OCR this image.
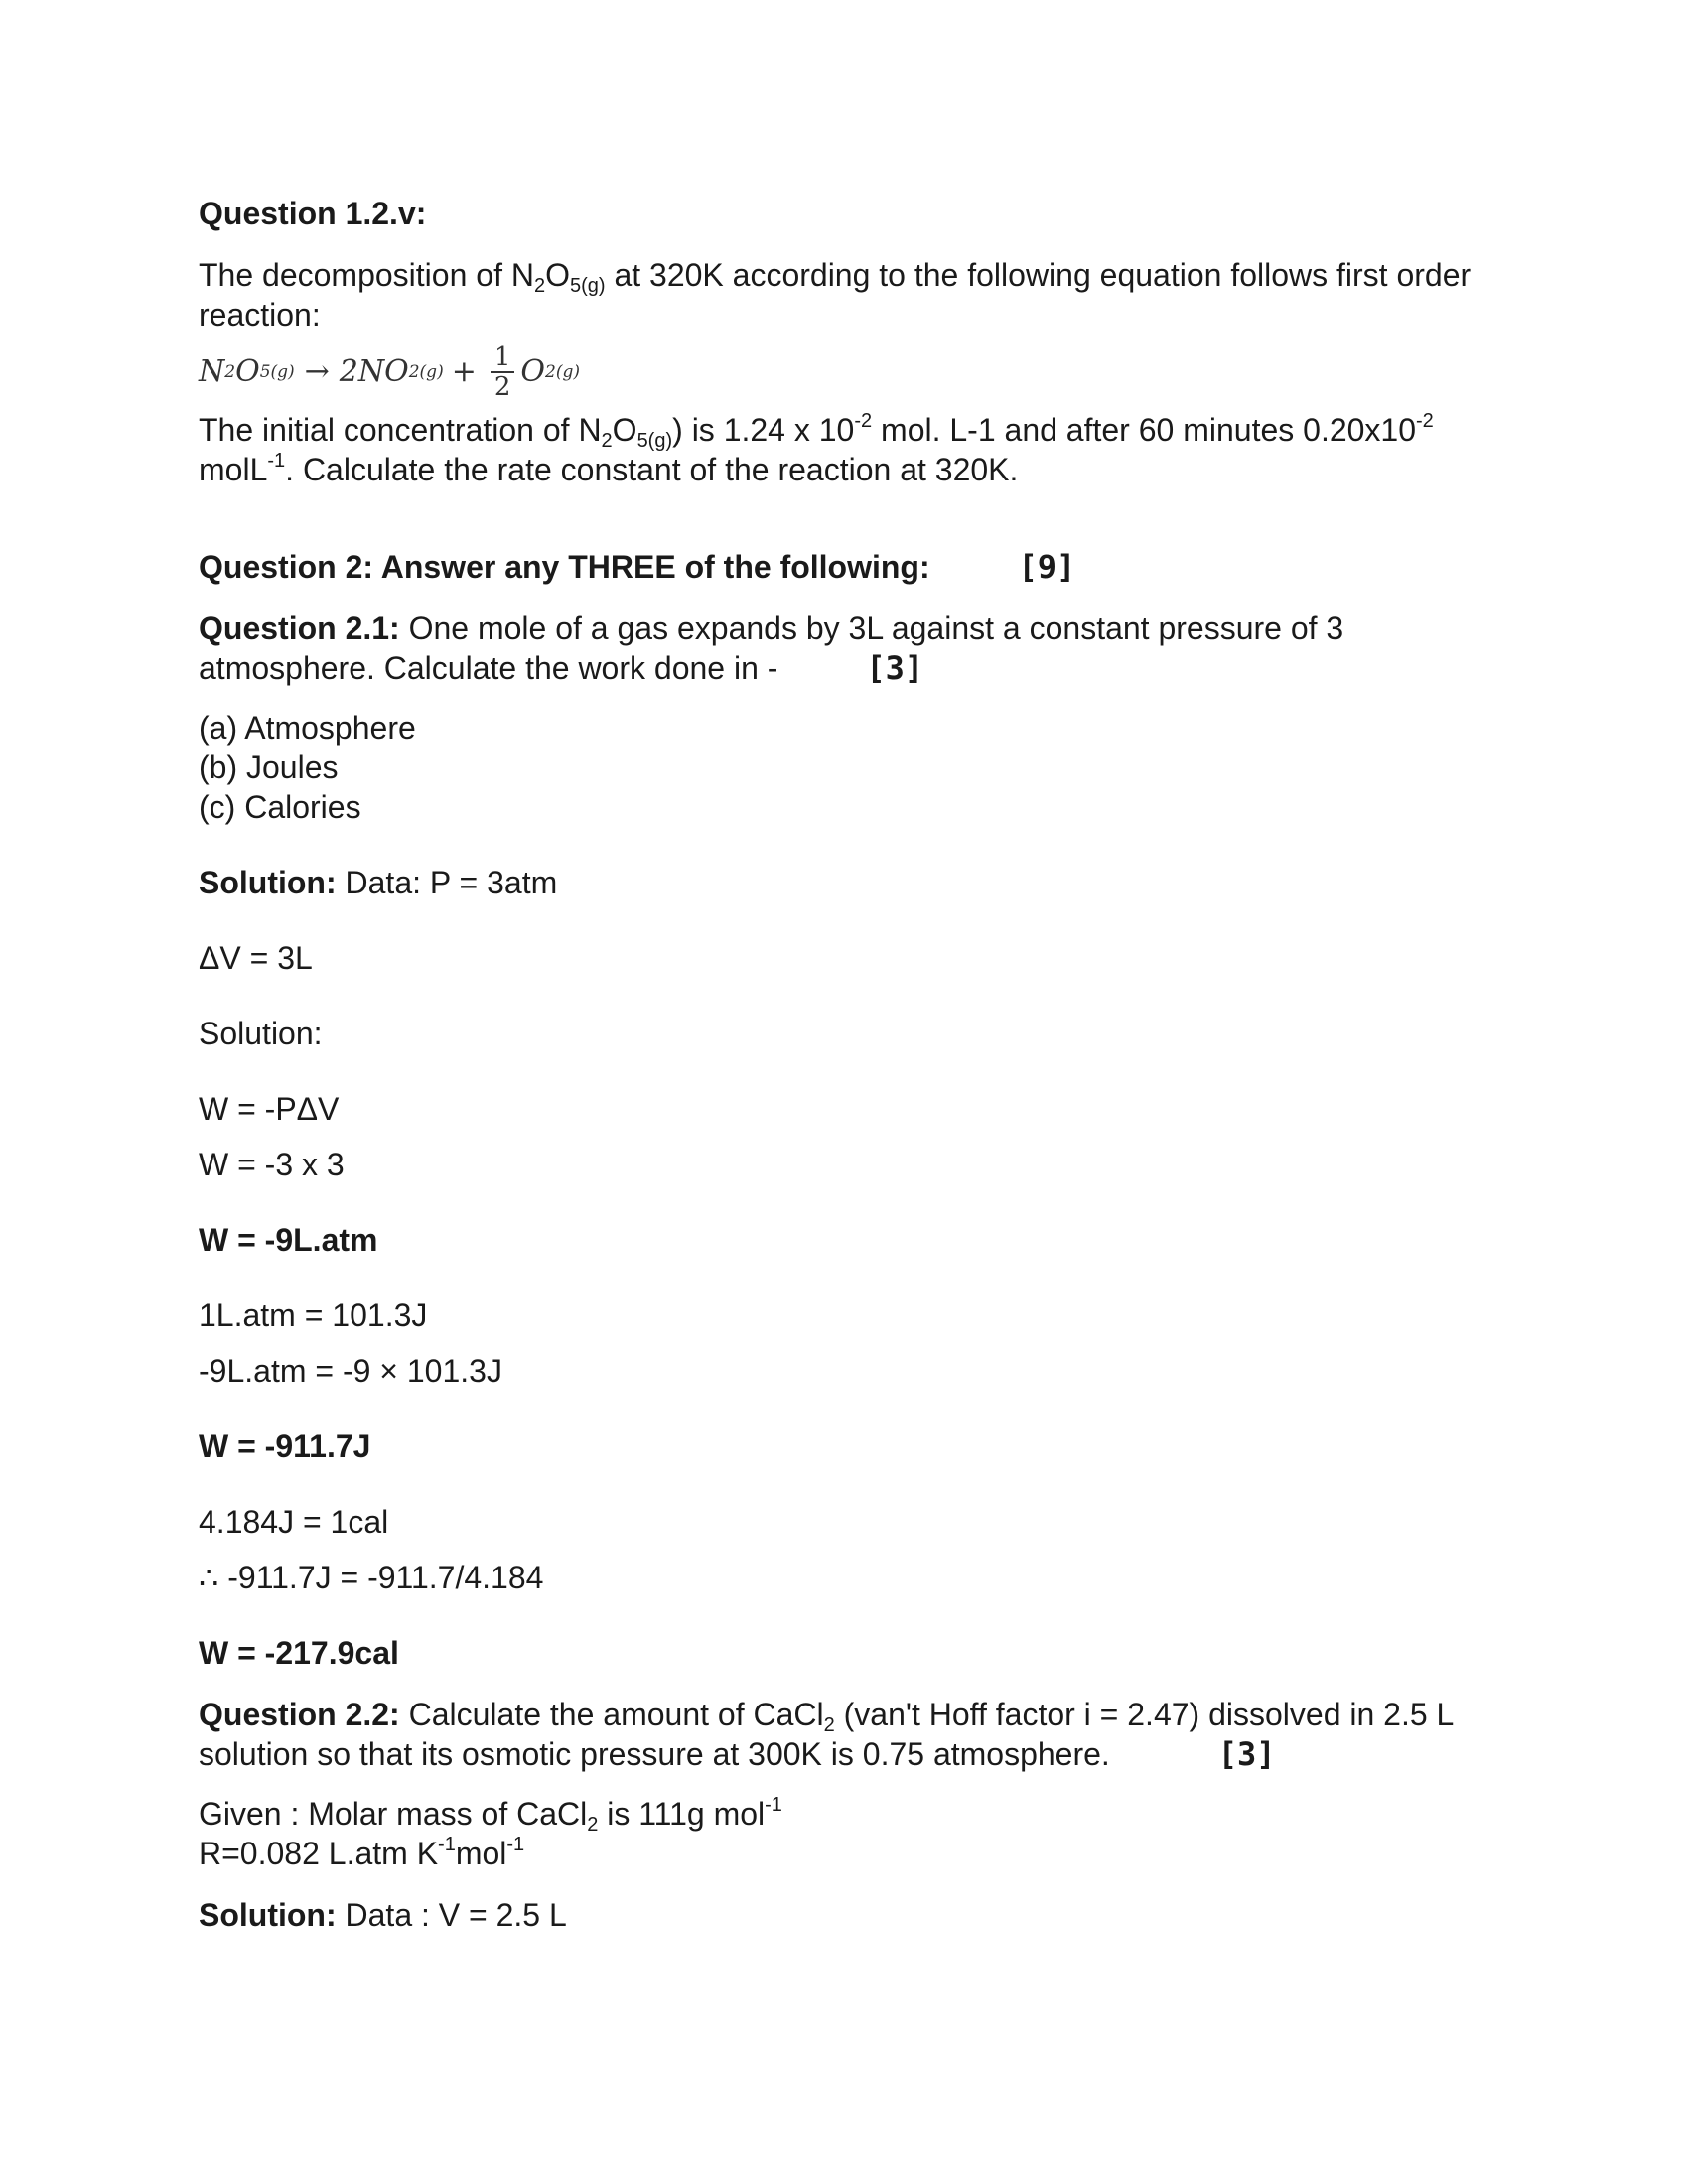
Question 1.2.v:

The decomposition of $N_2O_{5(g)}$ at 320K according to the following equation follows first order reaction:

N 2 O 5(g) → 2NO $2(g) + \frac{1}{2}$ O 2(g)

The initial concentration of $N_2O_{5(g)}$) is 1.24 x $10^{-2}$ mol. L-1 and after 60 minutes $0.20x10^{-2}$ molL$^{-1}$. Calculate the rate constant of the reaction at 320K.

Question 2: Answer any THREE of the following:	[9]

Question 2.1: One mole of a gas expands by 3L against a constant pressure of 3 atmosphere. Calculate the work done in -	[3]

(a) Atmosphere
(b) Joules
(c) Calories

Solution: Data: P = 3atm

ΔV = 3L

Solution:

W = -PΔV

W = -3 x 3

W = -9L.atm

1L.atm = 101.3J

-9L.atm = -9 × 101.3J

W = -911.7J

4.184J = 1cal

∴ -911.7J = -911.7/4.184

W = -217.9cal

Question 2.2: Calculate the amount of CaCl$_2$ (van't Hoff factor i = 2.47) dissolved in 2.5 L solution so that its osmotic pressure at 300K is 0.75 atmosphere.	[3]

Given : Molar mass of CaCl$_2$ is 111g mol$^{-1}$
R=0.082 L.atm $K^{-1}mol^{-1}$

Solution: Data : V = 2.5 L
